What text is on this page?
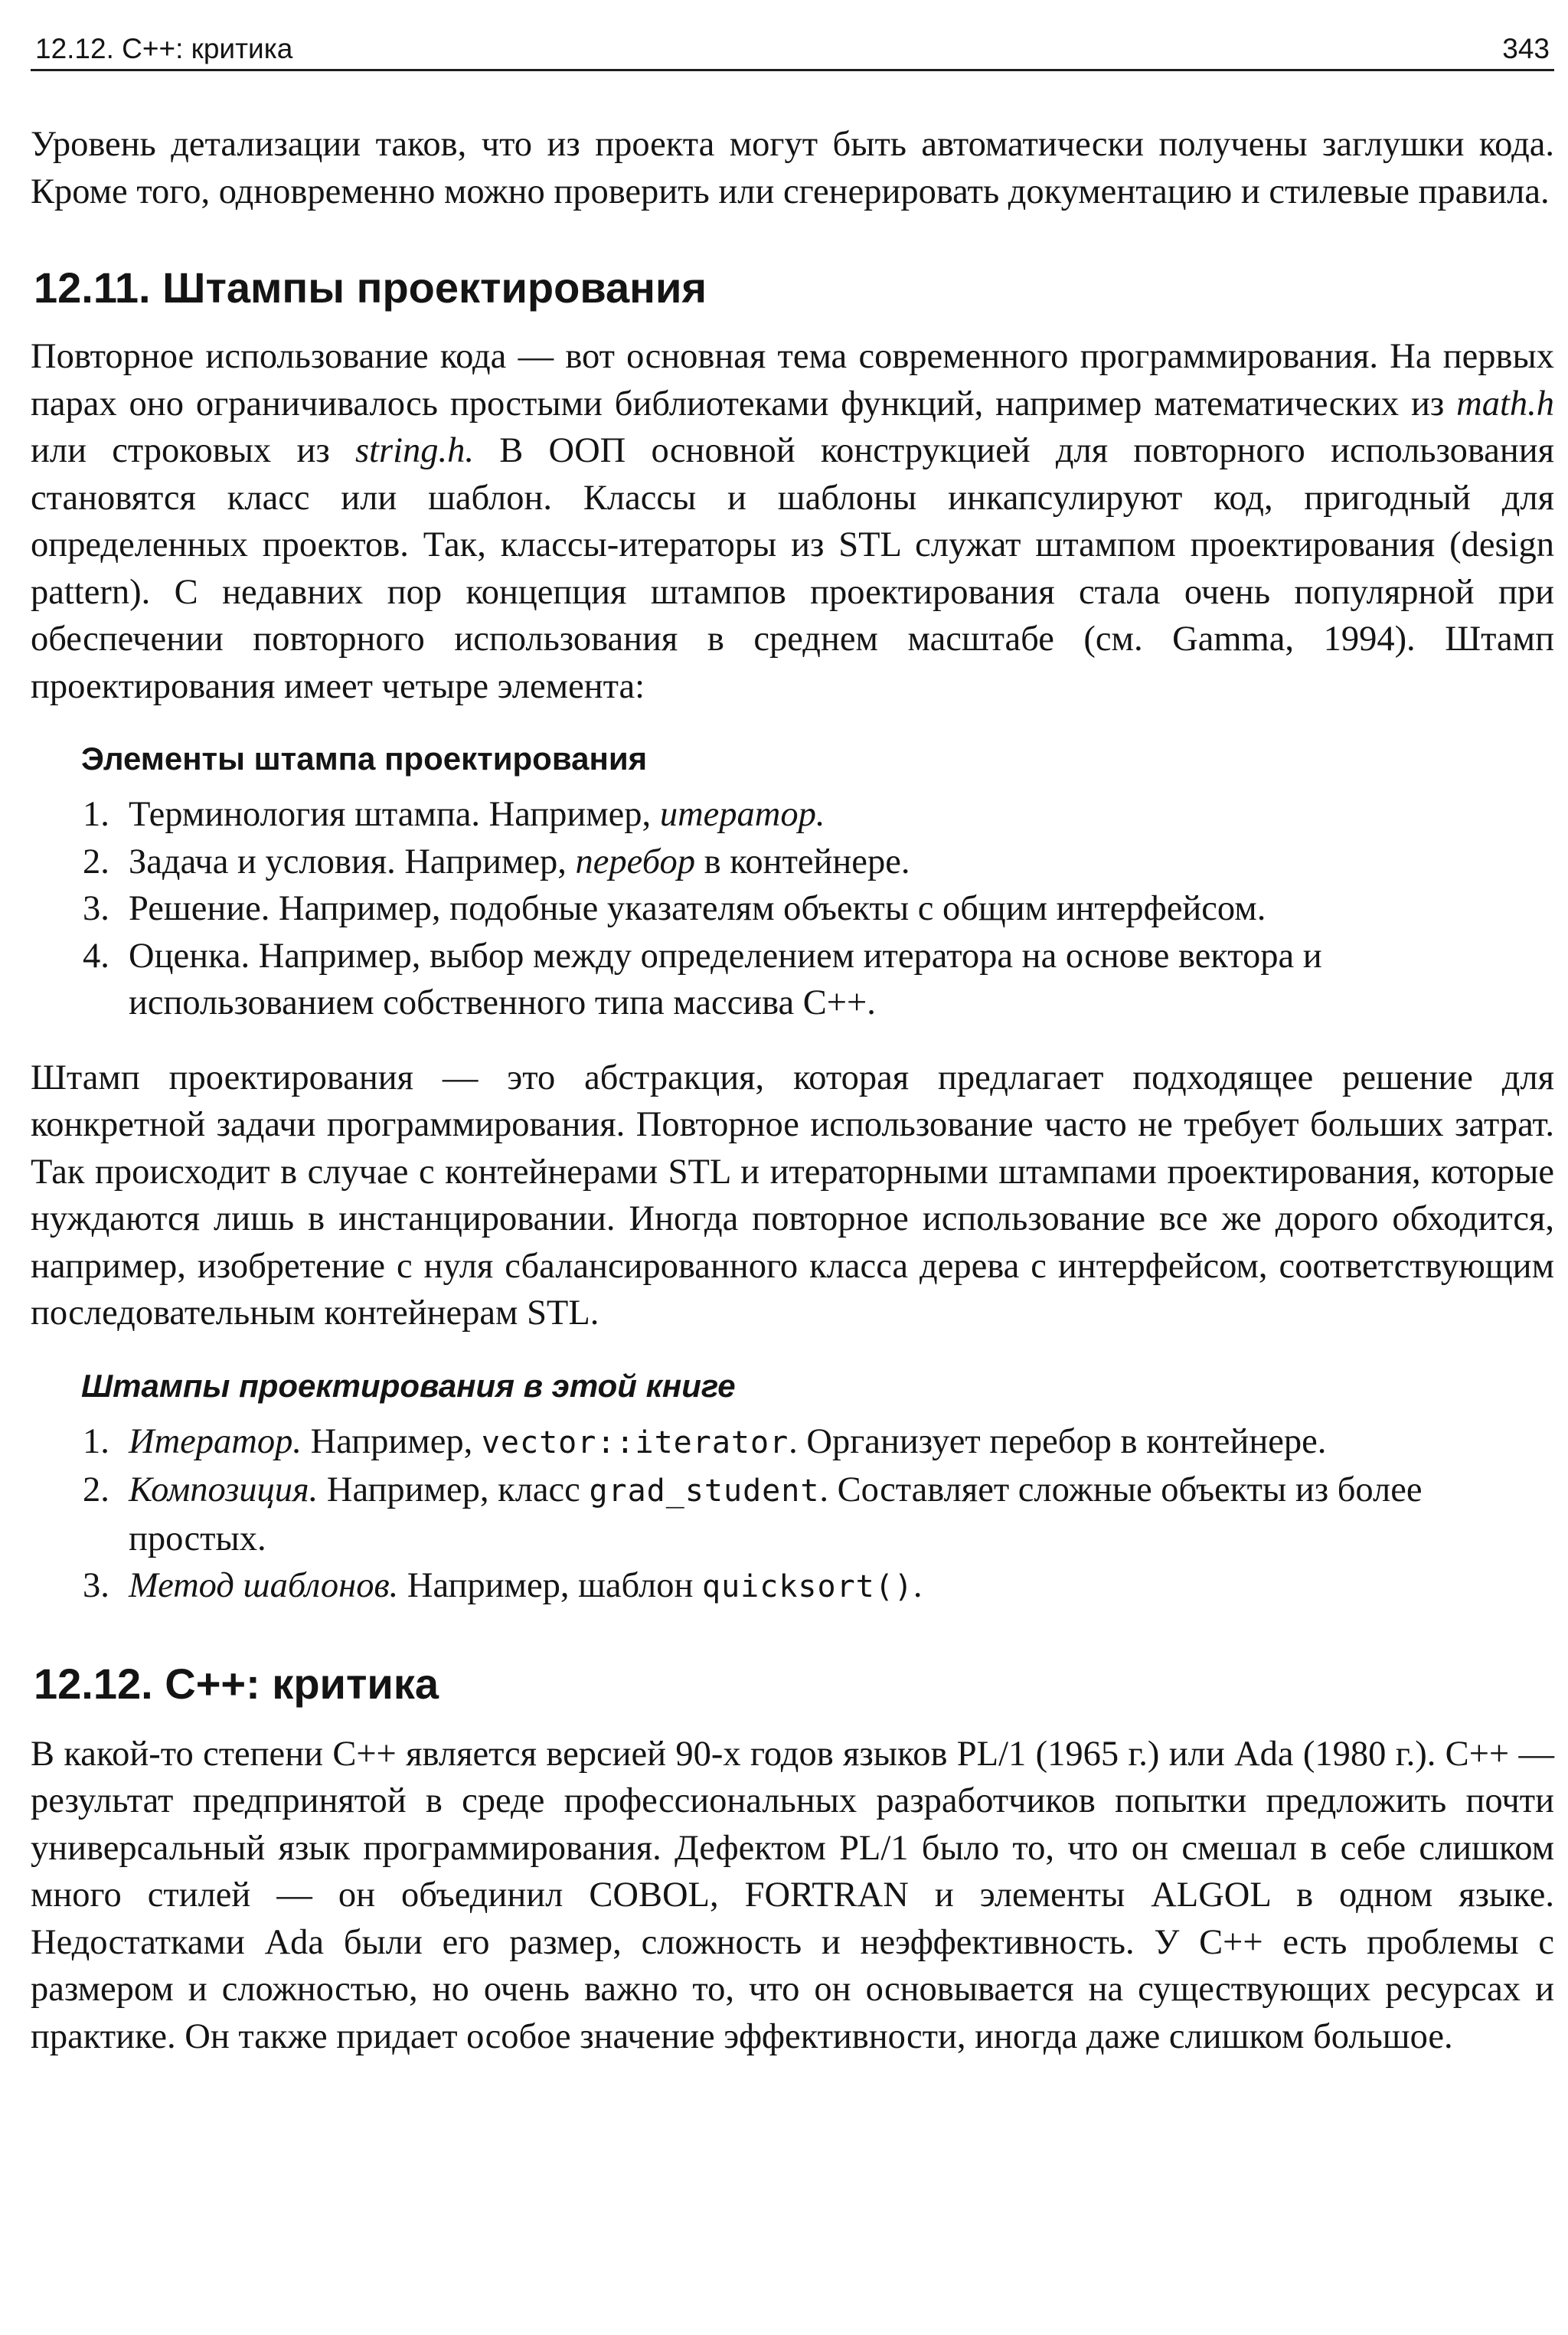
12.12. С++: критика	343

Уровень детализации таков, что из проекта могут быть автоматически получены заглушки кода. Кроме того, одновременно можно проверить или сгенерировать документацию и стилевые правила.

12.11. Штампы проектирования

Повторное использование кода — вот основная тема современного программирования. На первых парах оно ограничивалось простыми библиотеками функций, например математических из math.h или строковых из string.h. В ООП основной конструкцией для повторного использования становятся класс или шаблон. Классы и шаблоны инкапсулируют код, пригодный для определенных проектов. Так, классы-итераторы из STL служат штампом проектирования (design pattern). С недавних пор концепция штампов проектирования стала очень популярной при обеспечении повторного использования в среднем масштабе (см. Gamma, 1994). Штамп проектирования имеет четыре элемента:

Элементы штампа проектирования
1. Терминология штампа. Например, итератор.
2. Задача и условия. Например, перебор в контейнере.
3. Решение. Например, подобные указателям объекты с общим интерфейсом.
4. Оценка. Например, выбор между определением итератора на основе вектора и
использованием собственного типа массива С++.

Штамп проектирования — это абстракция, которая предлагает подходящее решение для конкретной задачи программирования. Повторное использование часто не требует больших затрат. Так происходит в случае с контейнерами STL и итераторными штампами проектирования, которые нуждаются лишь в инстанцировании. Иногда повторное использование все же дорого обходится, например, изобретение с нуля сбалансированного класса дерева с интерфейсом, соответствующим последовательным контейнерам STL.

Штампы проектирования в этой книге
1. Итератор. Например, vector::iterator. Организует перебор в контейнере.
2. Композиция. Например, класс grad_student. Составляет сложные объекты из более простых.
3. Метод шаблонов. Например, шаблон quicksort().
12.12. С++: критика

В какой-то степени С++ является версией 90-х годов языков PL/1 (1965 г.) или Ada (1980 г.). С++ — результат предпринятой в среде профессиональных разработчиков попытки предложить почти универсальный язык программирования. Дефектом PL/1 было то, что он смешал в себе слишком много стилей — он объединил COBOL, FORTRAN и элементы ALGOL в одном языке. Недостатками Ada были его размер, сложность и неэффективность. У С++ есть проблемы с размером и сложностью, но очень важно то, что он основывается на существующих ресурсах и практике. Он также придает особое значение эффективности, иногда даже слишком большое.
